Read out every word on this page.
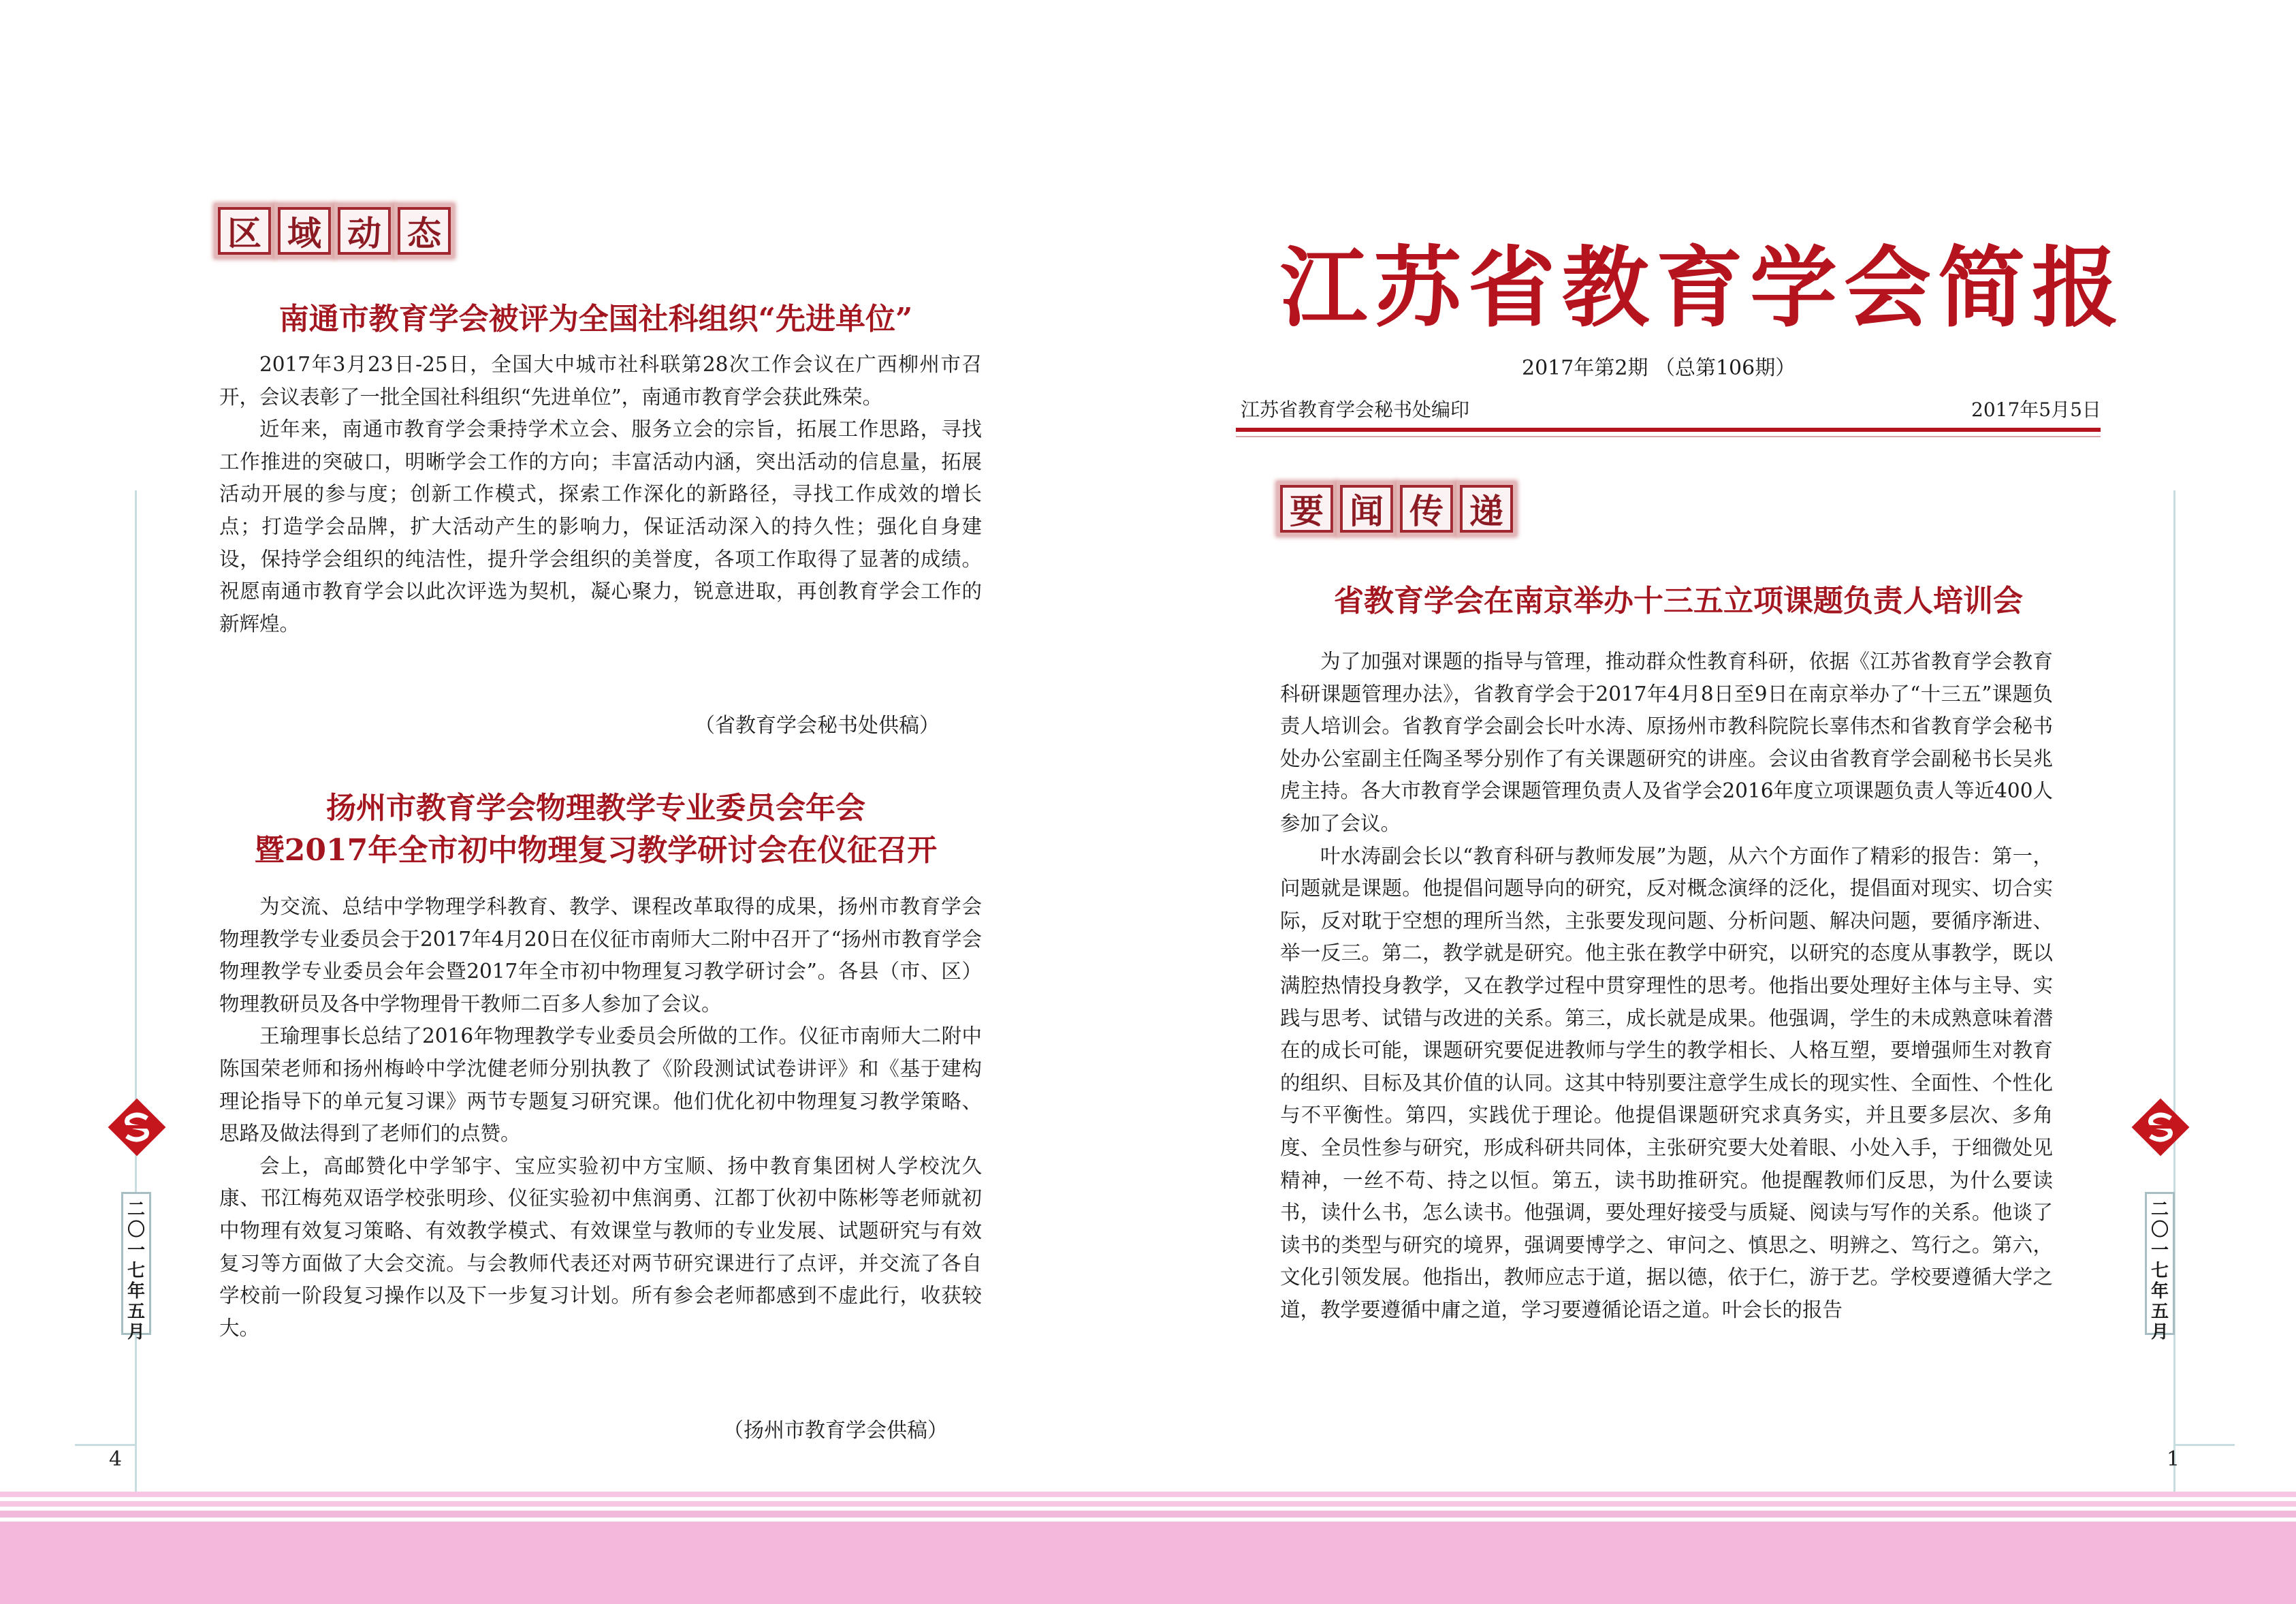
区 域 动 态
南通市教育学会被评为全国社科组织“先进单位”

2017年3月23日-25日，全国大中城市社科联第28次工作会议在广西柳州市召开，会议表彰了一批全国社科组织“先进单位”，南通市教育学会获此殊荣。

近年来，南通市教育学会秉持学术立会、服务立会的宗旨，拓展工作思路，寻找工作推进的突破口，明晰学会工作的方向；丰富活动内涵，突出活动的信息量，拓展活动开展的参与度；创新工作模式，探索工作深化的新路径，寻找工作成效的增长点；打造学会品牌，扩大活动产生的影响力，保证活动深入的持久性；强化自身建设，保持学会组织的纯洁性，提升学会组织的美誉度，各项工作取得了显著的成绩。祝愿南通市教育学会以此次评选为契机，凝心聚力，锐意进取，再创教育学会工作的新辉煌。

（省教育学会秘书处供稿）
扬州市教育学会物理教学专业委员会年会
暨2017年全市初中物理复习教学研讨会在仪征召开

为交流、总结中学物理学科教育、教学、课程改革取得的成果，扬州市教育学会物理教学专业委员会于2017年4月20日在仪征市南师大二附中召开了“扬州市教育学会物理教学专业委员会年会暨2017年全市初中物理复习教学研讨会”。各县（市、区）物理教研员及各中学物理骨干教师二百多人参加了会议。

王瑜理事长总结了2016年物理教学专业委员会所做的工作。仪征市南师大二附中陈国荣老师和扬州梅岭中学沈健老师分别执教了《阶段测试试卷讲评》和《基于建构理论指导下的单元复习课》两节专题复习研究课。他们优化初中物理复习教学策略、思路及做法得到了老师们的点赞。

会上，高邮赞化中学邹宇、宝应实验初中方宝顺、扬中教育集团树人学校沈久康、邗江梅苑双语学校张明珍、仪征实验初中焦润勇、江都丁伙初中陈彬等老师就初中物理有效复习策略、有效教学模式、有效课堂与教师的专业发展、试题研究与有效复习等方面做了大会交流。与会教师代表还对两节研究课进行了点评，并交流了各自学校前一阶段复习操作以及下一步复习计划。所有参会老师都感到不虚此行，收获较大。

（扬州市教育学会供稿）
二
〇
一
七
年
五
月
4
江苏省教育学会简报
2017年第2期 （总第106期）
江苏省教育学会秘书处编印	2017年5月5日
要 闻 传 递
省教育学会在南京举办十三五立项课题负责人培训会

为了加强对课题的指导与管理，推动群众性教育科研，依据《江苏省教育学会教育科研课题管理办法》，省教育学会于2017年4月8日至9日在南京举办了“十三五”课题负责人培训会。省教育学会副会长叶水涛、原扬州市教科院院长辜伟杰和省教育学会秘书处办公室副主任陶圣琴分别作了有关课题研究的讲座。会议由省教育学会副秘书长吴兆虎主持。各大市教育学会课题管理负责人及省学会2016年度立项课题负责人等近400人参加了会议。

叶水涛副会长以“教育科研与教师发展”为题，从六个方面作了精彩的报告：第一，问题就是课题。他提倡问题导向的研究，反对概念演绎的泛化，提倡面对现实、切合实际，反对耽于空想的理所当然，主张要发现问题、分析问题、解决问题，要循序渐进、举一反三。第二，教学就是研究。他主张在教学中研究，以研究的态度从事教学，既以满腔热情投身教学，又在教学过程中贯穿理性的思考。他指出要处理好主体与主导、实践与思考、试错与改进的关系。第三，成长就是成果。他强调，学生的未成熟意味着潜在的成长可能，课题研究要促进教师与学生的教学相长、人格互塑，要增强师生对教育的组织、目标及其价值的认同。这其中特别要注意学生成长的现实性、全面性、个性化与不平衡性。第四，实践优于理论。他提倡课题研究求真务实，并且要多层次、多角度、全员性参与研究，形成科研共同体，主张研究要大处着眼、小处入手，于细微处见精神，一丝不苟、持之以恒。第五，读书助推研究。他提醒教师们反思，为什么要读书，读什么书，怎么读书。他强调，要处理好接受与质疑、阅读与写作的关系。他谈了读书的类型与研究的境界，强调要博学之、审问之、慎思之、明辨之、笃行之。第六，文化引领发展。他指出，教师应志于道，据以德，依于仁，游于艺。学校要遵循大学之道，教学要遵循中庸之道，学习要遵循论语之道。叶会长的报告

二
〇
一
七
年
五
月
1
